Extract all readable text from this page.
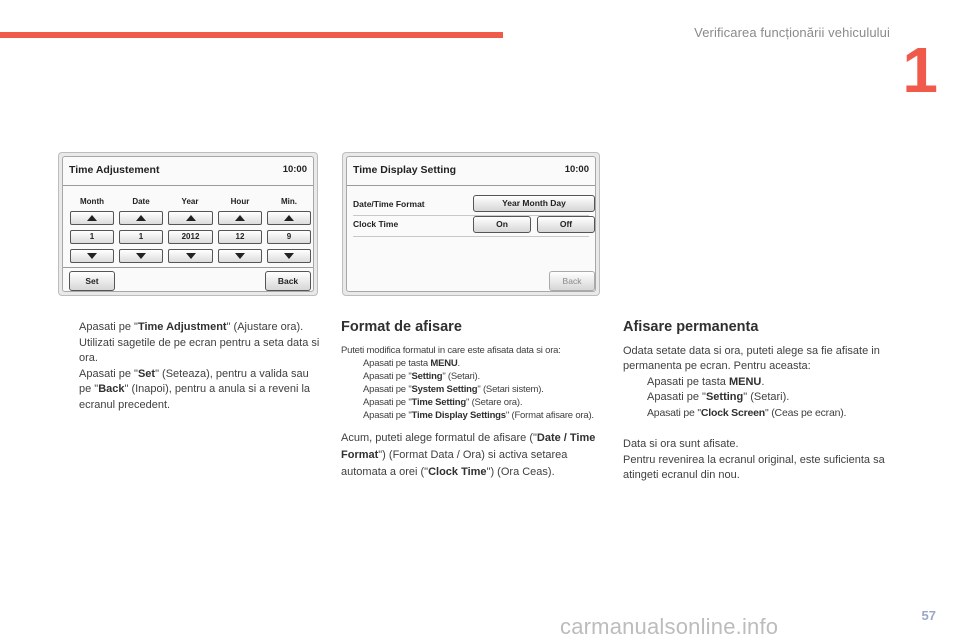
Verificarea funcționării vehiculului
1
Time Adjustement	10:00
Month	Date	Year	Hour	Min.
1	1	2012	12	9
Set	Back
Time Display Setting	10:00
Date/Time Format	Year Month Day
Clock Time	On	Off
Back
Apasati pe "Time Adjustment" (Ajustare ora).
Utilizati sagetile de pe ecran pentru a seta data si ora.
Apasati pe "Set" (Seteaza), pentru a valida sau pe "Back" (Inapoi), pentru a anula si a reveni la ecranul precedent.
Format de afisare
Puteti modifica formatul in care este afisata data si ora:
Apasati pe tasta MENU.
Apasati pe "Setting" (Setari).
Apasati pe "System Setting" (Setari sistem).
Apasati pe "Time Setting" (Setare ora).
Apasati pe "Time Display Settings" (Format afisare ora).
Acum, puteti alege formatul de afisare ("Date / Time Format") (Format Data / Ora) si activa setarea automata a orei ("Clock Time") (Ora Ceas).
Afisare permanenta
Odata setate data si ora, puteti alege sa fie afisate in permanenta pe ecran. Pentru aceasta:
Apasati pe tasta MENU.
Apasati pe "Setting" (Setari).
Apasati pe "Clock Screen" (Ceas pe ecran).
Data si ora sunt afisate.
Pentru revenirea la ecranul original, este suficienta sa atingeti ecranul din nou.
carmanualsonline.info	57
